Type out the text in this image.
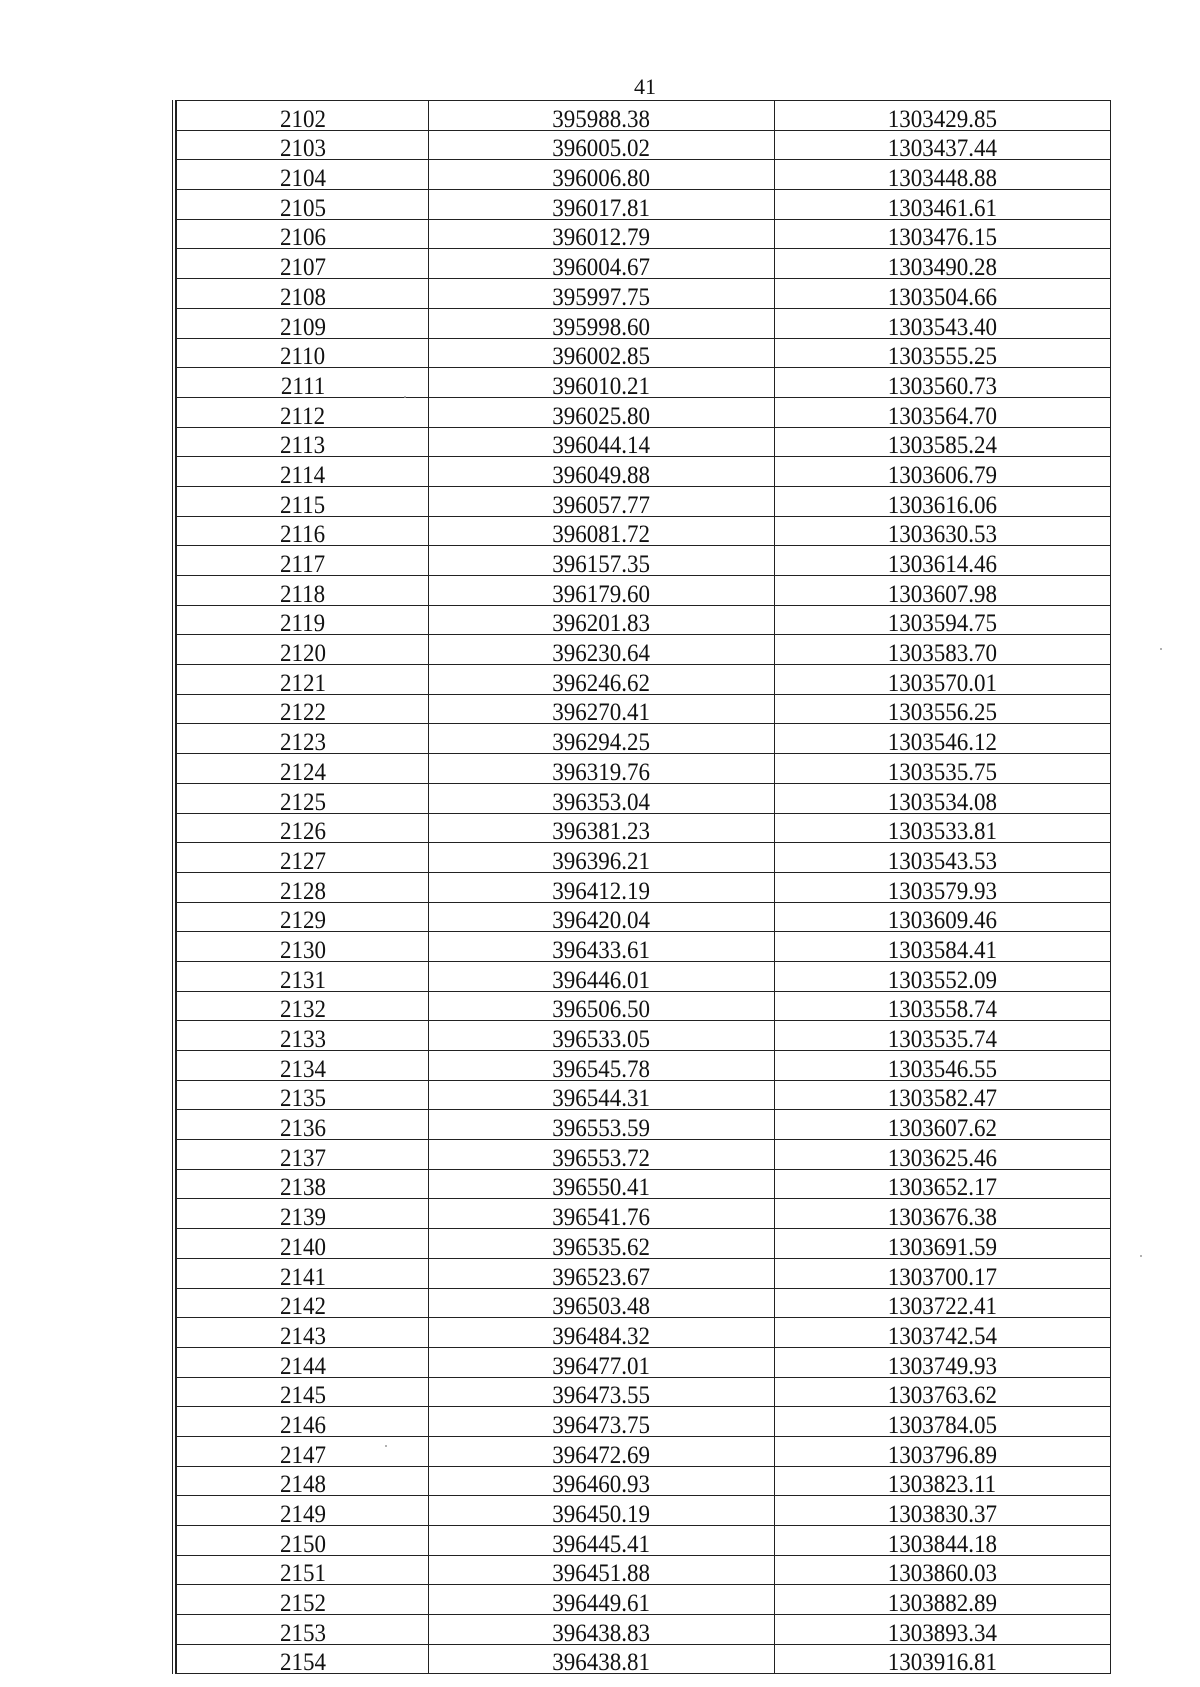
41
2102	395988.38	1303429.85
2103	396005.02	1303437.44
2104	396006.80	1303448.88
2105	396017.81	1303461.61
2106	396012.79	1303476.15
2107	396004.67	1303490.28
2108	395997.75	1303504.66
2109	395998.60	1303543.40
2110	396002.85	1303555.25
2111	396010.21	1303560.73
2112	396025.80	1303564.70
2113	396044.14	1303585.24
2114	396049.88	1303606.79
2115	396057.77	1303616.06
2116	396081.72	1303630.53
2117	396157.35	1303614.46
2118	396179.60	1303607.98
2119	396201.83	1303594.75
2120	396230.64	1303583.70
2121	396246.62	1303570.01
2122	396270.41	1303556.25
2123	396294.25	1303546.12
2124	396319.76	1303535.75
2125	396353.04	1303534.08
2126	396381.23	1303533.81
2127	396396.21	1303543.53
2128	396412.19	1303579.93
2129	396420.04	1303609.46
2130	396433.61	1303584.41
2131	396446.01	1303552.09
2132	396506.50	1303558.74
2133	396533.05	1303535.74
2134	396545.78	1303546.55
2135	396544.31	1303582.47
2136	396553.59	1303607.62
2137	396553.72	1303625.46
2138	396550.41	1303652.17
2139	396541.76	1303676.38
2140	396535.62	1303691.59
2141	396523.67	1303700.17
2142	396503.48	1303722.41
2143	396484.32	1303742.54
2144	396477.01	1303749.93
2145	396473.55	1303763.62
2146	396473.75	1303784.05
2147	396472.69	1303796.89
2148	396460.93	1303823.11
2149	396450.19	1303830.37
2150	396445.41	1303844.18
2151	396451.88	1303860.03
2152	396449.61	1303882.89
2153	396438.83	1303893.34
2154	396438.81	1303916.81
